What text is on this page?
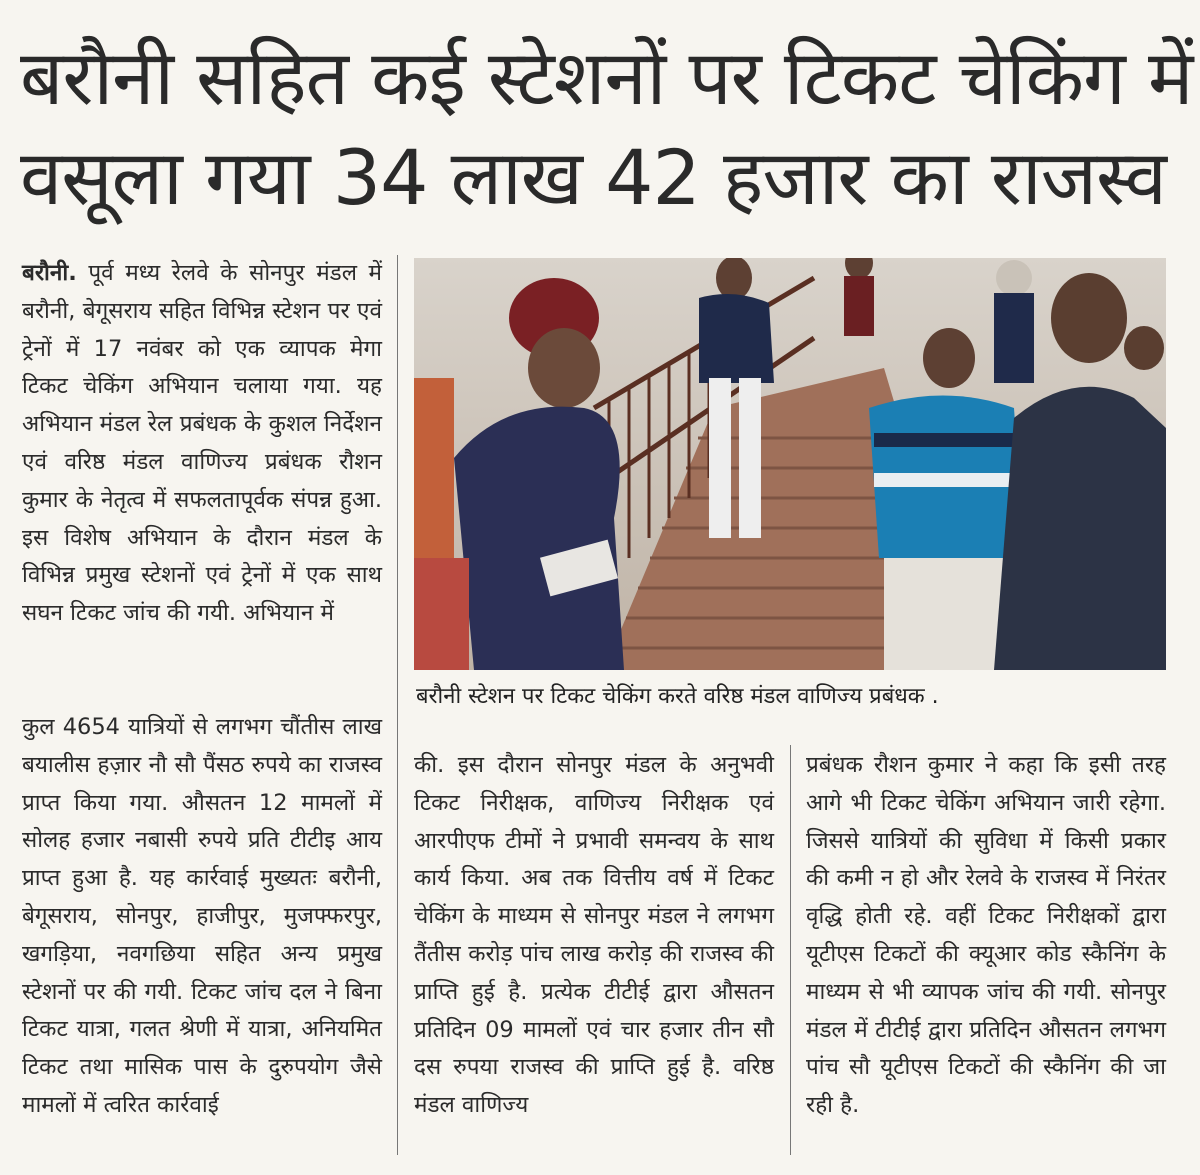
बरौनी सहित कई स्टेशनों पर टिकट चेकिंग में
वसूला गया 34 लाख 42 हजार का राजस्व

बरौनी. पूर्व मध्य रेलवे के सोनपुर मंडल में बरौनी, बेगूसराय सहित विभिन्न स्टेशन पर एवं ट्रेनों में 17 नवंबर को एक व्यापक मेगा टिकट चेकिंग अभियान चलाया गया. यह अभियान मंडल रेल प्रबंधक के कुशल निर्देशन एवं वरिष्ठ मंडल वाणिज्य प्रबंधक रौशन कुमार के नेतृत्व में सफलतापूर्वक संपन्न हुआ. इस विशेष अभियान के दौरान मंडल के विभिन्न प्रमुख स्टेशनों एवं ट्रेनों में एक साथ सघन टिकट जांच की गयी. अभियान में

कुल 4654 यात्रियों से लगभग चौंतीस लाख बयालीस हज़ार नौ सौ पैंसठ रुपये का राजस्व प्राप्त किया गया. औसतन 12 मामलों में सोलह हजार नबासी रुपये प्रति टीटीइ आय प्राप्त हुआ है. यह कार्रवाई मुख्यतः बरौनी, बेगूसराय, सोनपुर, हाजीपुर, मुजफ्फरपुर, खगड़िया, नवगछिया सहित अन्य प्रमुख स्टेशनों पर की गयी. टिकट जांच दल ने बिना टिकट यात्रा, गलत श्रेणी में यात्रा, अनियमित टिकट तथा मासिक पास के दुरुपयोग जैसे मामलों में त्वरित कार्रवाई

बरौनी स्टेशन पर टिकट चेकिंग करते वरिष्ठ मंडल वाणिज्य प्रबंधक .

की. इस दौरान सोनपुर मंडल के अनुभवी टिकट निरीक्षक, वाणिज्य निरीक्षक एवं आरपीएफ टीमों ने प्रभावी समन्वय के साथ कार्य किया. अब तक वित्तीय वर्ष में टिकट चेकिंग के माध्यम से सोनपुर मंडल ने लगभग तैंतीस करोड़ पांच लाख करोड़ की राजस्व की प्राप्ति हुई है. प्रत्येक टीटीई द्वारा औसतन प्रतिदिन 09 मामलों एवं चार हजार तीन सौ दस रुपया राजस्व की प्राप्ति हुई है. वरिष्ठ मंडल वाणिज्य

प्रबंधक रौशन कुमार ने कहा कि इसी तरह आगे भी टिकट चेकिंग अभियान जारी रहेगा. जिससे यात्रियों की सुविधा में किसी प्रकार की कमी न हो और रेलवे के राजस्व में निरंतर वृद्धि होती रहे. वहीं टिकट निरीक्षकों द्वारा यूटीएस टिकटों की क्यूआर कोड स्कैनिंग के माध्यम से भी व्यापक जांच की गयी. सोनपुर मंडल में टीटीई द्वारा प्रतिदिन औसतन लगभग पांच सौ यूटीएस टिकटों की स्कैनिंग की जा रही है.
